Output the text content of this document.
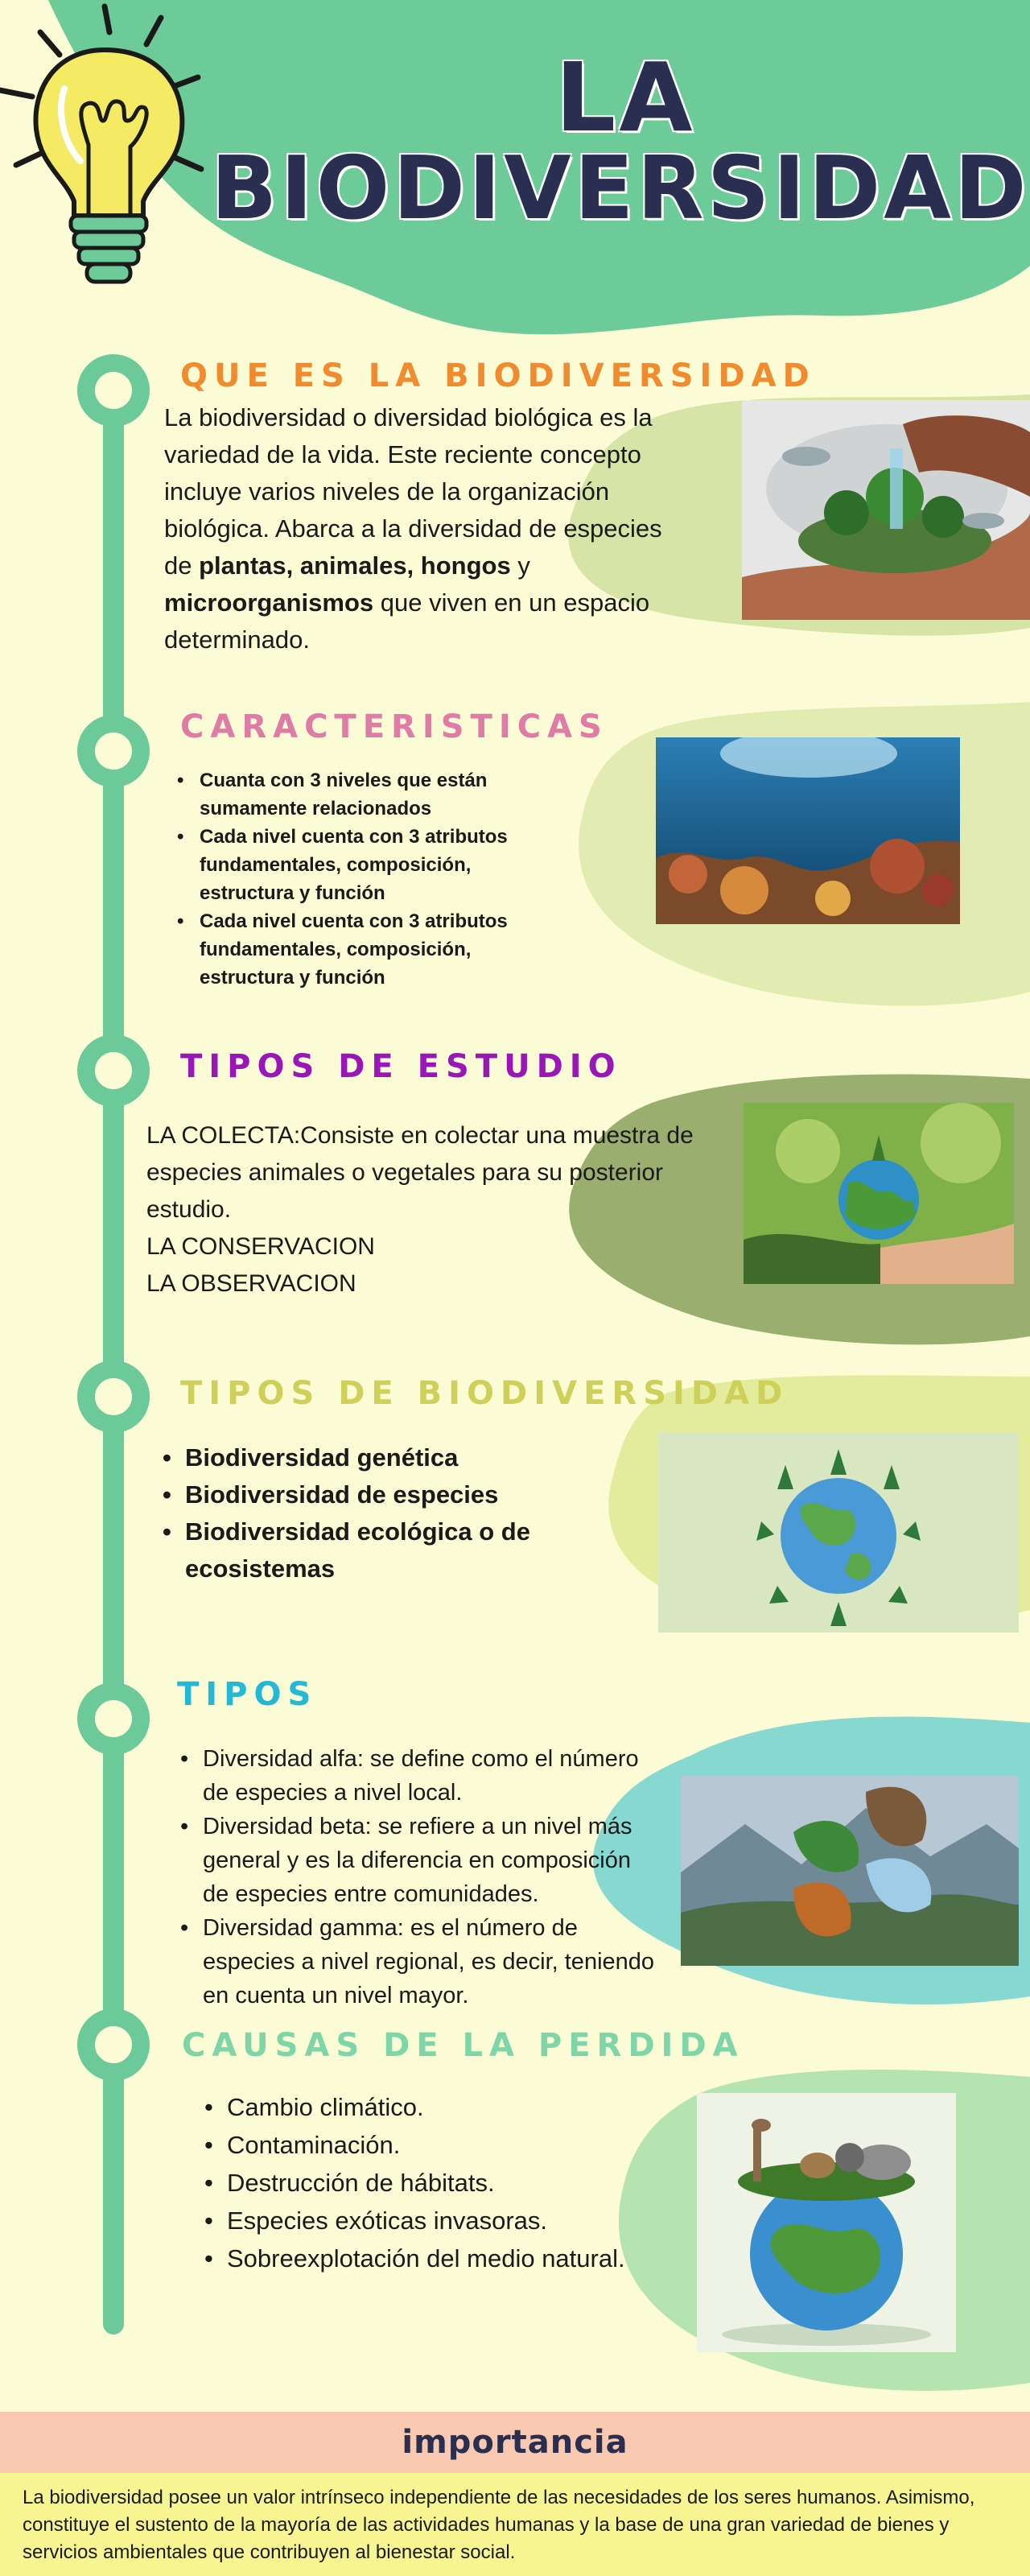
LA
BIODIVERSIDAD
QUE ES LA BIODIVERSIDAD
La biodiversidad o diversidad biológica es la variedad de la vida. Este reciente concepto incluye varios niveles de la organización biológica. Abarca a la diversidad de especies de plantas, animales, hongos y microorganismos que viven en un espacio determinado.
CARACTERISTICAS
• Cuanta con 3 niveles que están sumamente relacionados
• Cada nivel cuenta con 3 atributos fundamentales, composición, estructura y función
• Cada nivel cuenta con 3 atributos fundamentales, composición, estructura y función
TIPOS DE ESTUDIO
LA COLECTA:Consiste en colectar una muestra de especies animales o vegetales para su posterior estudio.
LA CONSERVACION
LA OBSERVACION
TIPOS DE BIODIVERSIDAD
• Biodiversidad genética
• Biodiversidad de especies
• Biodiversidad ecológica o de ecosistemas
TIPOS
• Diversidad alfa: se define como el número de especies a nivel local.
• Diversidad beta: se refiere a un nivel más general y es la diferencia en composición de especies entre comunidades.
• Diversidad gamma: es el número de especies a nivel regional, es decir, teniendo en cuenta un nivel mayor.
CAUSAS DE LA PERDIDA
• Cambio climático.
• Contaminación.
• Destrucción de hábitats.
• Especies exóticas invasoras.
• Sobreexplotación del medio natural.
importancia
La biodiversidad posee un valor intrínseco independiente de las necesidades de los seres humanos. Asimismo, constituye el sustento de la mayoría de las actividades humanas y la base de una gran variedad de bienes y servicios ambientales que contribuyen al bienestar social.
